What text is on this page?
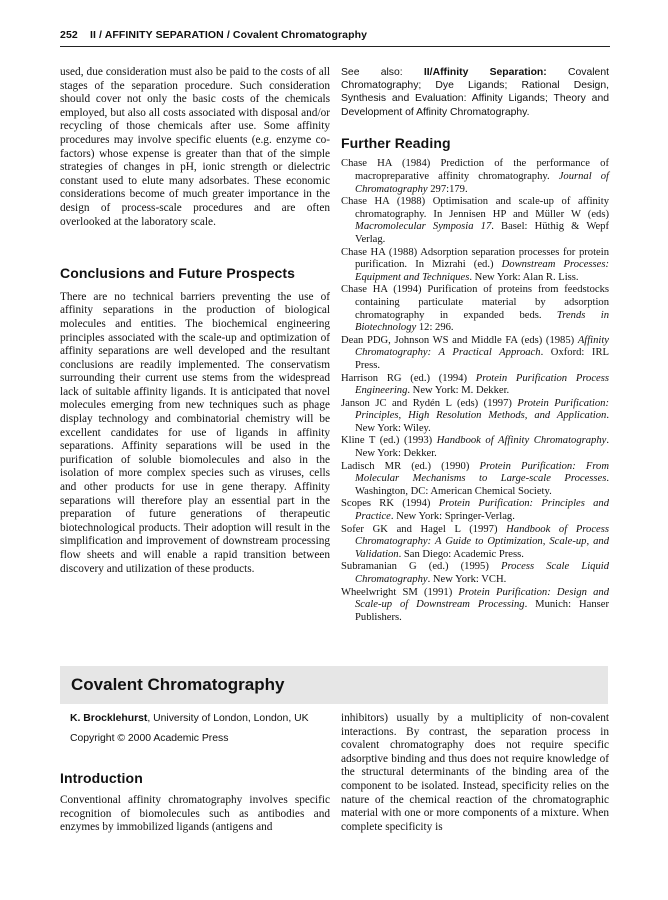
252 II / AFFINITY SEPARATION / Covalent Chromatography

used, due consideration must also be paid to the costs of all stages of the separation procedure. Such consideration should cover not only the basic costs of the chemicals employed, but also all costs associated with disposal and/or recycling of those chemicals after use. Some affinity procedures may involve specific eluents (e.g. enzyme co-factors) whose expense is greater than that of the simple strategies of changes in pH, ionic strength or dielectric constant used to elute many adsorbates. These economic considerations become of much greater importance in the design of process-scale procedures and are often overlooked at the laboratory scale.

Conclusions and Future Prospects

There are no technical barriers preventing the use of affinity separations in the production of biological molecules and entities. The biochemical engineering principles associated with the scale-up and optimization of affinity separations are well developed and the resultant conclusions are readily implemented. The conservatism surrounding their current use stems from the widespread lack of suitable affinity ligands. It is anticipated that novel molecules emerging from new techniques such as phage display technology and combinatorial chemistry will be excellent candidates for use of ligands in affinity separations. Affinity separations will be used in the purification of soluble biomolecules and also in the isolation of more complex species such as viruses, cells and other products for use in gene therapy. Affinity separations will therefore play an essential part in the preparation of future generations of therapeutic biotechnological products. Their adoption will result in the simplification and improvement of downstream processing flow sheets and will enable a rapid transition between discovery and utilization of these products.

See also: II/Affinity Separation: Covalent Chromatography; Dye Ligands; Rational Design, Synthesis and Evaluation: Affinity Ligands; Theory and Development of Affinity Chromatography.

Further Reading
Chase HA (1984) Prediction of the performance of macropreparative affinity chromatography. Journal of Chromatography 297:179.
Chase HA (1988) Optimisation and scale-up of affinity chromatography. In Jennisen HP and Müller W (eds) Macromolecular Symposia 17. Basel: Hüthig & Wepf Verlag.
Chase HA (1988) Adsorption separation processes for protein purification. In Mizrahi (ed.) Downstream Processes: Equipment and Techniques. New York: Alan R. Liss.
Chase HA (1994) Purification of proteins from feedstocks containing particulate material by adsorption chromatography in expanded beds. Trends in Biotechnology 12: 296.
Dean PDG, Johnson WS and Middle FA (eds) (1985) Affinity Chromatography: A Practical Approach. Oxford: IRL Press.
Harrison RG (ed.) (1994) Protein Purification Process Engineering. New York: M. Dekker.
Janson JC and Rydén L (eds) (1997) Protein Purification: Principles, High Resolution Methods, and Application. New York: Wiley.
Kline T (ed.) (1993) Handbook of Affinity Chromatography. New York: Dekker.
Ladisch MR (ed.) (1990) Protein Purification: From Molecular Mechanisms to Large-scale Processes. Washington, DC: American Chemical Society.
Scopes RK (1994) Protein Purification: Principles and Practice. New York: Springer-Verlag.
Sofer GK and Hagel L (1997) Handbook of Process Chromatography: A Guide to Optimization, Scale-up, and Validation. San Diego: Academic Press.
Subramanian G (ed.) (1995) Process Scale Liquid Chromatography. New York: VCH.
Wheelwright SM (1991) Protein Purification: Design and Scale-up of Downstream Processing. Munich: Hanser Publishers.
Covalent Chromatography

K. Brocklehurst, University of London, London, UK

Copyright © 2000 Academic Press

Introduction

Conventional affinity chromatography involves specific recognition of biomolecules such as antibodies and enzymes by immobilized ligands (antigens and

inhibitors) usually by a multiplicity of non-covalent interactions. By contrast, the separation process in covalent chromatography does not require specific adsorptive binding and thus does not require knowledge of the structural determinants of the binding area of the component to be isolated. Instead, specificity relies on the nature of the chemical reaction of the chromatographic material with one or more components of a mixture. When complete specificity is
